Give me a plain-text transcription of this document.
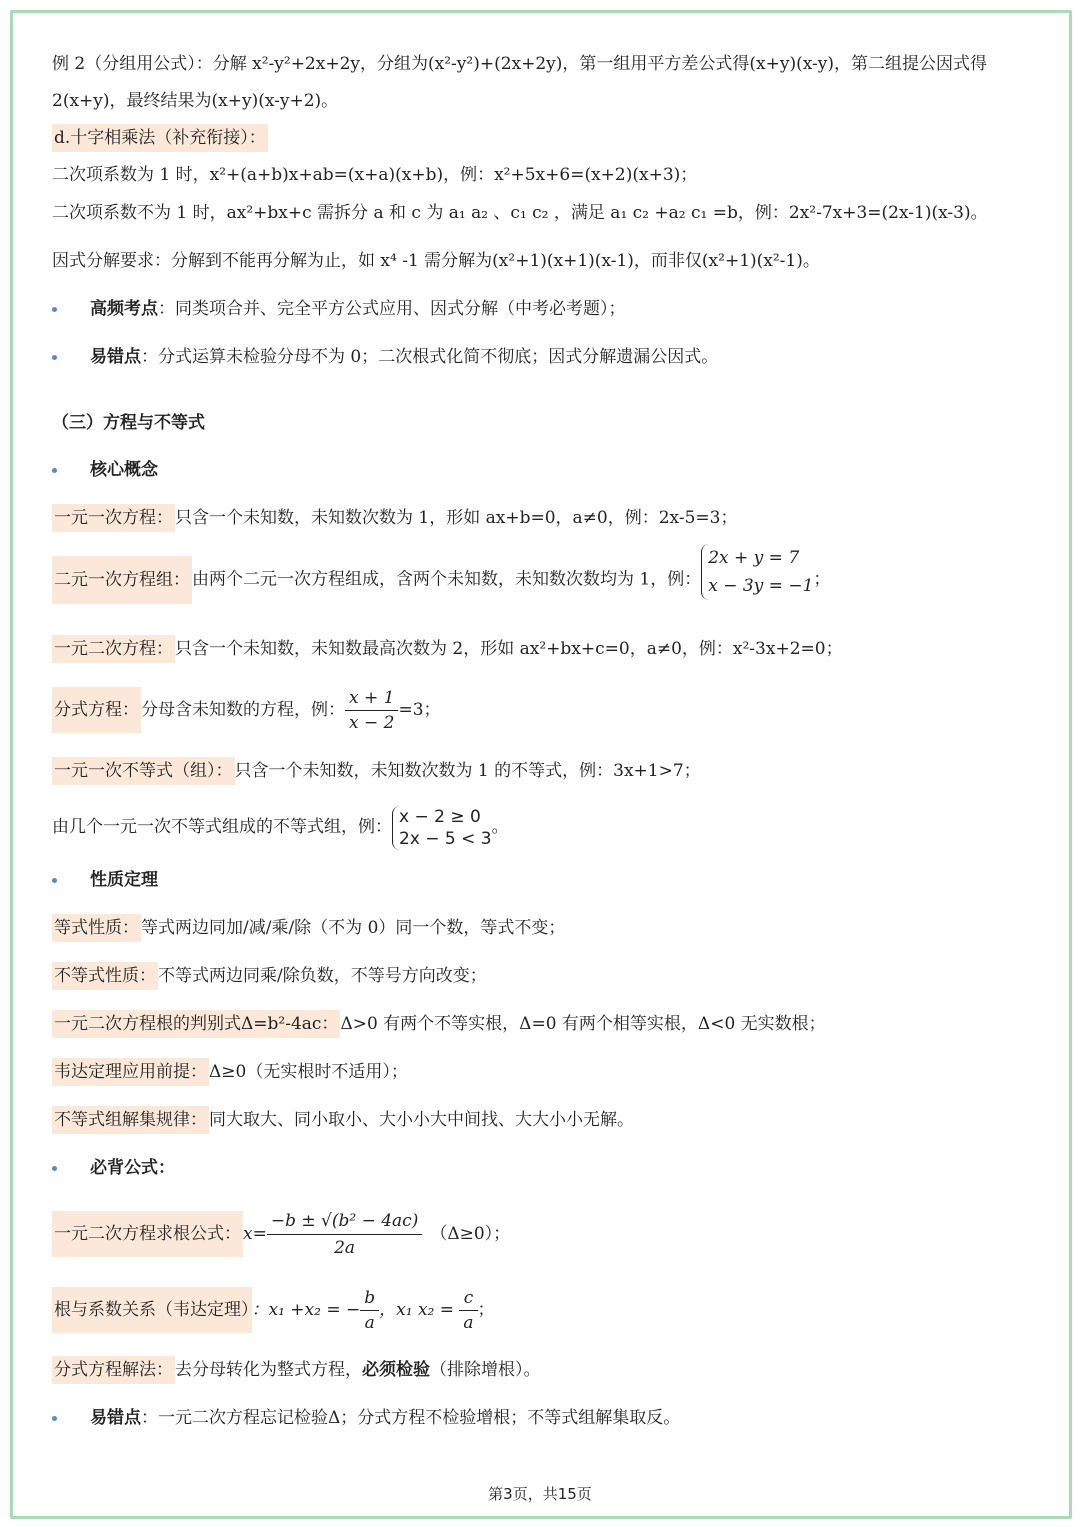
例 2（分组用公式）：分解 x²-y²+2x+2y，分组为(x²-y²)+(2x+2y)，第一组用平方差公式得(x+y)(x-y)，第二组提公因式得
2(x+y)，最终结果为(x+y)(x-y+2)。
d.十字相乘法（补充衔接）：
二次项系数为 1 时，x²+(a+b)x+ab=(x+a)(x+b)，例：x²+5x+6=(x+2)(x+3)；
二次项系数不为 1 时，ax²+bx+c 需拆分 a 和 c 为 a₁ a₂ 、c₁ c₂ ，满足 a₁ c₂ +a₂ c₁ =b，例：2x²-7x+3=(2x-1)(x-3)。
因式分解要求：分解到不能再分解为止，如 x⁴ -1 需分解为(x²+1)(x+1)(x-1)，而非仅(x²+1)(x²-1)。
高频考点：同类项合并、完全平方公式应用、因式分解（中考必考题）；
易错点：分式运算未检验分母不为 0；二次根式化简不彻底；因式分解遗漏公因式。
（三）方程与不等式
核心概念
一元一次方程： 只含一个未知数，未知数次数为 1，形如 ax+b=0，a≠0，例：2x-5=3；
二元一次方程组： 由两个二元一次方程组成，含两个未知数，未知数次数均为 1，例：
2x + y = 7
x − 3y = −1 ；
一元二次方程： 只含一个未知数，未知数最高次数为 2，形如 ax²+bx+c=0，a≠0，例：x²-3x+2=0；
分式方程： 分母含未知数的方程，例： $\frac{x + 1}{x - 2} =3$；
一元一次不等式（组）： 只含一个未知数，未知数次数为 1 的不等式，例：3x+1>7；
由几个一元一次不等式组成的不等式组，例：
x − 2 ≥ 0
2x − 5 < 3
。
性质定理
等式性质： 等式两边同加/减/乘/除（不为 0）同一个数，等式不变；
不等式性质： 不等式两边同乘/除负数，不等号方向改变；
一元二次方程根的判别式Δ=b²-4ac： Δ>0 有两个不等实根，Δ=0 有两个相等实根，Δ<0 无实数根；
韦达定理应用前提： Δ≥0（无实根时不适用）；
不等式组解集规律： 同大取大、同小取小、大小小大中间找、大大小小无解。
必背公式：
一元二次方程求根公式： $x= \frac{\text{−b ± √(b² − 4ac)}}{2a} (\Delta\ge 0)$；
根与系数关系（韦达定理） ：x₁ +x₂ = − $\frac{b}{a}$ ，x₁ $x_2 = \frac{c}{a}$ ；
分式方程解法： 去分母转化为整式方程，必须检验（排除增根）。
易错点：一元二次方程忘记检验Δ；分式方程不检验增根；不等式组解集取反。
第3页，共15页
